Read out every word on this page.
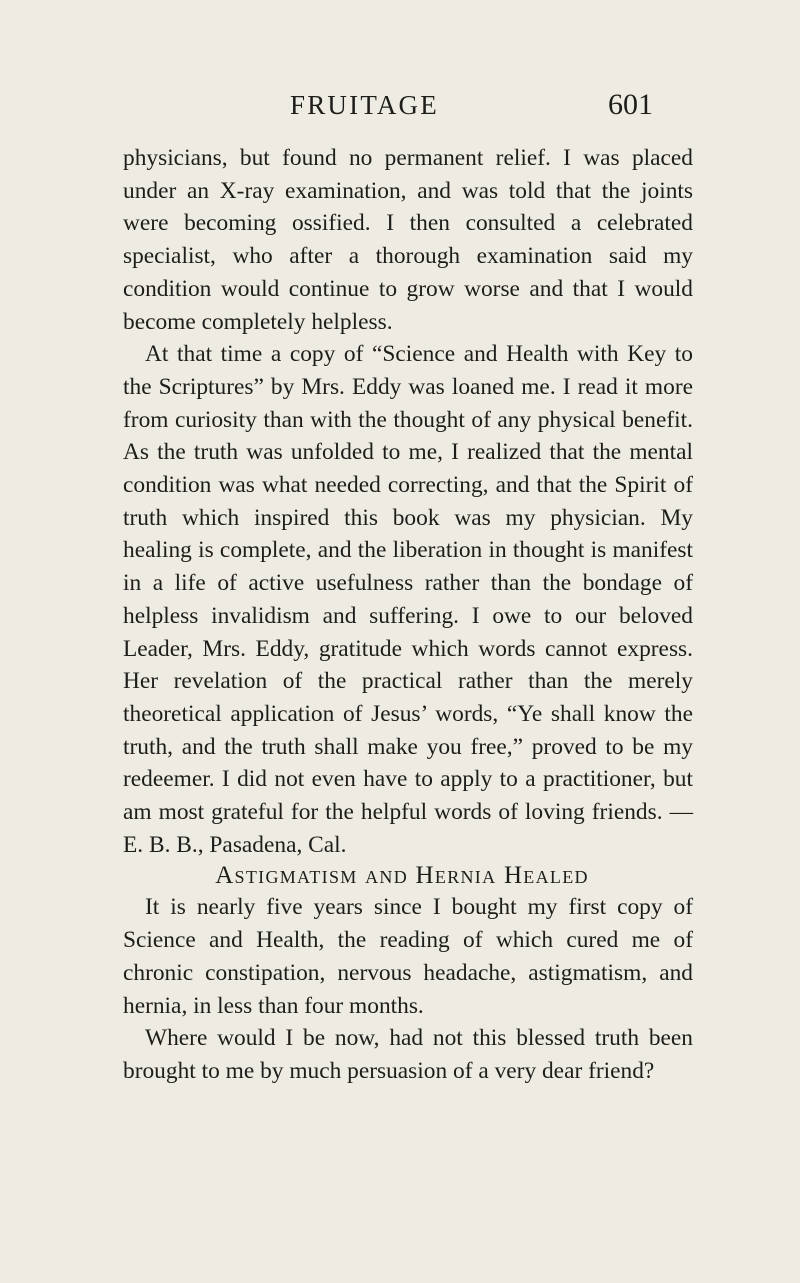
FRUITAGE	601

physicians, but found no permanent relief. I was placed under an X-ray examination, and was told that the joints were becoming ossified. I then consulted a celebrated specialist, who after a thorough examination said my condition would continue to grow worse and that I would become completely helpless.

At that time a copy of “Science and Health with Key to the Scriptures” by Mrs. Eddy was loaned me. I read it more from curiosity than with the thought of any physical benefit. As the truth was unfolded to me, I realized that the mental condition was what needed correcting, and that the Spirit of truth which inspired this book was my physician. My healing is complete, and the liberation in thought is manifest in a life of active usefulness rather than the bondage of helpless invalidism and suffering. I owe to our beloved Leader, Mrs. Eddy, gratitude which words cannot express. Her revelation of the practical rather than the merely theoretical application of Jesus’ words, “Ye shall know the truth, and the truth shall make you free,” proved to be my redeemer. I did not even have to apply to a practitioner, but am most grateful for the helpful words of loving friends. — E. B. B., Pasadena, Cal.

Astigmatism and Hernia Healed

It is nearly five years since I bought my first copy of Science and Health, the reading of which cured me of chronic constipation, nervous headache, astigmatism, and hernia, in less than four months.

Where would I be now, had not this blessed truth been brought to me by much persuasion of a very dear friend?
